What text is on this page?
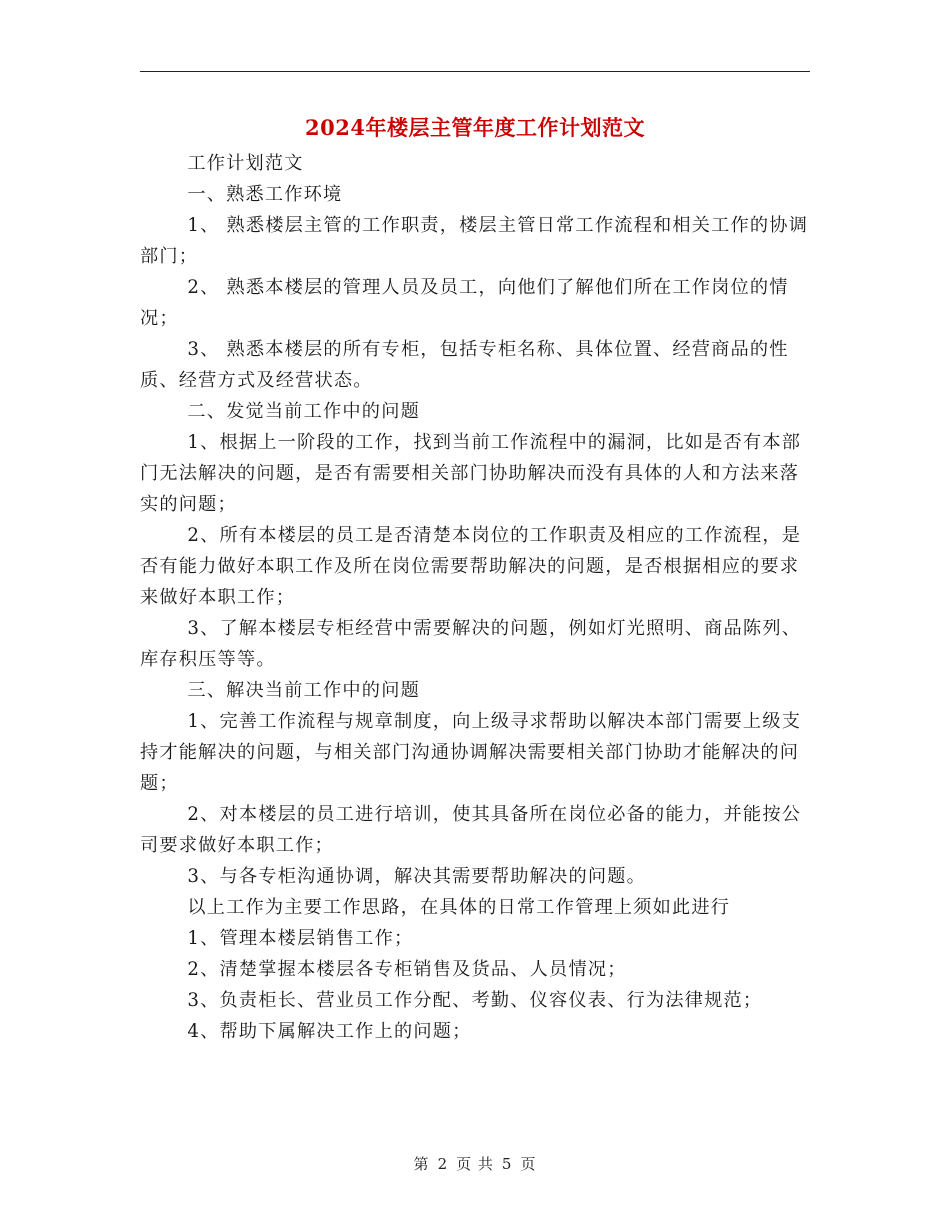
2024年楼层主管年度工作计划范文

工作计划范文

一、熟悉工作环境

1、 熟悉楼层主管的工作职责，楼层主管日常工作流程和相关工作的协调部门；

2、 熟悉本楼层的管理人员及员工，向他们了解他们所在工作岗位的情况；

3、 熟悉本楼层的所有专柜，包括专柜名称、具体位置、经营商品的性质、经营方式及经营状态。

二、发觉当前工作中的问题

1、根据上一阶段的工作，找到当前工作流程中的漏洞，比如是否有本部门无法解决的问题，是否有需要相关部门协助解决而没有具体的人和方法来落实的问题；

2、所有本楼层的员工是否清楚本岗位的工作职责及相应的工作流程，是否有能力做好本职工作及所在岗位需要帮助解决的问题，是否根据相应的要求来做好本职工作；

3、了解本楼层专柜经营中需要解决的问题，例如灯光照明、商品陈列、库存积压等等。

三、解决当前工作中的问题

1、完善工作流程与规章制度，向上级寻求帮助以解决本部门需要上级支持才能解决的问题，与相关部门沟通协调解决需要相关部门协助才能解决的问题；

2、对本楼层的员工进行培训，使其具备所在岗位必备的能力，并能按公司要求做好本职工作；

3、与各专柜沟通协调，解决其需要帮助解决的问题。

以上工作为主要工作思路，在具体的日常工作管理上须如此进行

1、管理本楼层销售工作；

2、清楚掌握本楼层各专柜销售及货品、人员情况；

3、负责柜长、营业员工作分配、考勤、仪容仪表、行为法律规范；

4、帮助下属解决工作上的问题；

第 2 页 共 5 页
